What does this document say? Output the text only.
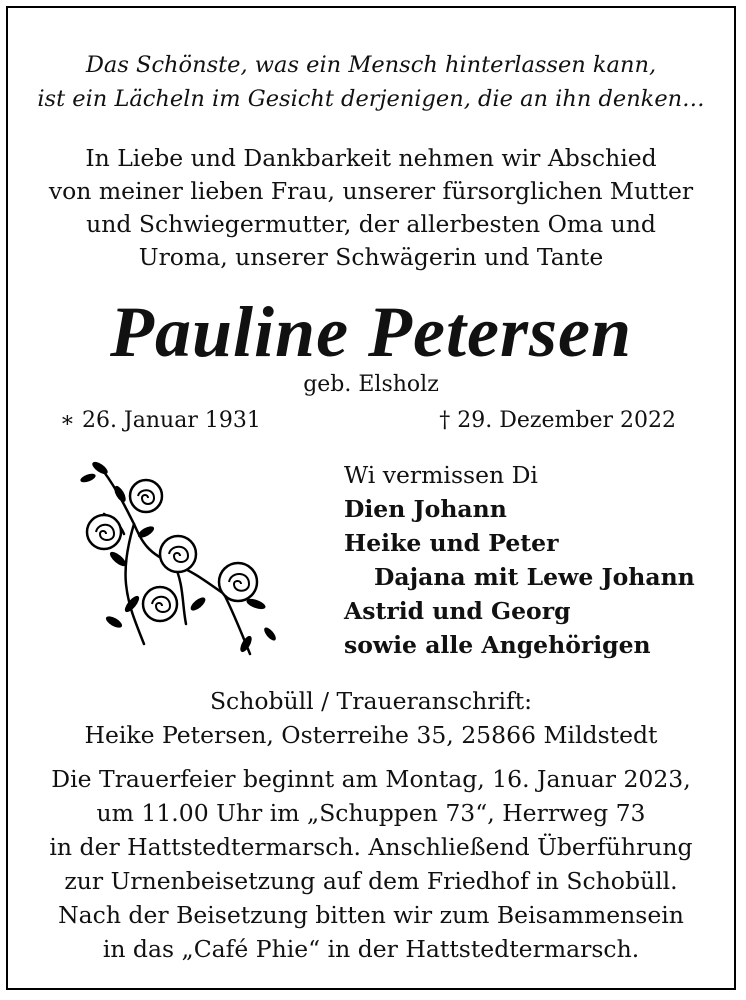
Das Schönste, was ein Mensch hinterlassen kann,
ist ein Lächeln im Gesicht derjenigen, die an ihn denken…
In Liebe und Dankbarkeit nehmen wir Abschied
von meiner lieben Frau, unserer fürsorglichen Mutter
und Schwiegermutter, der allerbesten Oma und
Uroma, unserer Schwägerin und Tante
Pauline Petersen
geb. Elsholz
∗ 26. Januar 1931	† 29. Dezember 2022
Wi vermissen Di
Dien Johann
Heike und Peter
Dajana mit Lewe Johann
Astrid und Georg
sowie alle Angehörigen
Schobüll / Traueranschrift:
Heike Petersen, Osterreihe 35, 25866 Mildstedt
Die Trauerfeier beginnt am Montag, 16. Januar 2023,
um 11.00 Uhr im „Schuppen 73“, Herrweg 73
in der Hattstedtermarsch. Anschließend Überführung
zur Urnenbeisetzung auf dem Friedhof in Schobüll.
Nach der Beisetzung bitten wir zum Beisammensein
in das „Café Phie“ in der Hattstedtermarsch.
